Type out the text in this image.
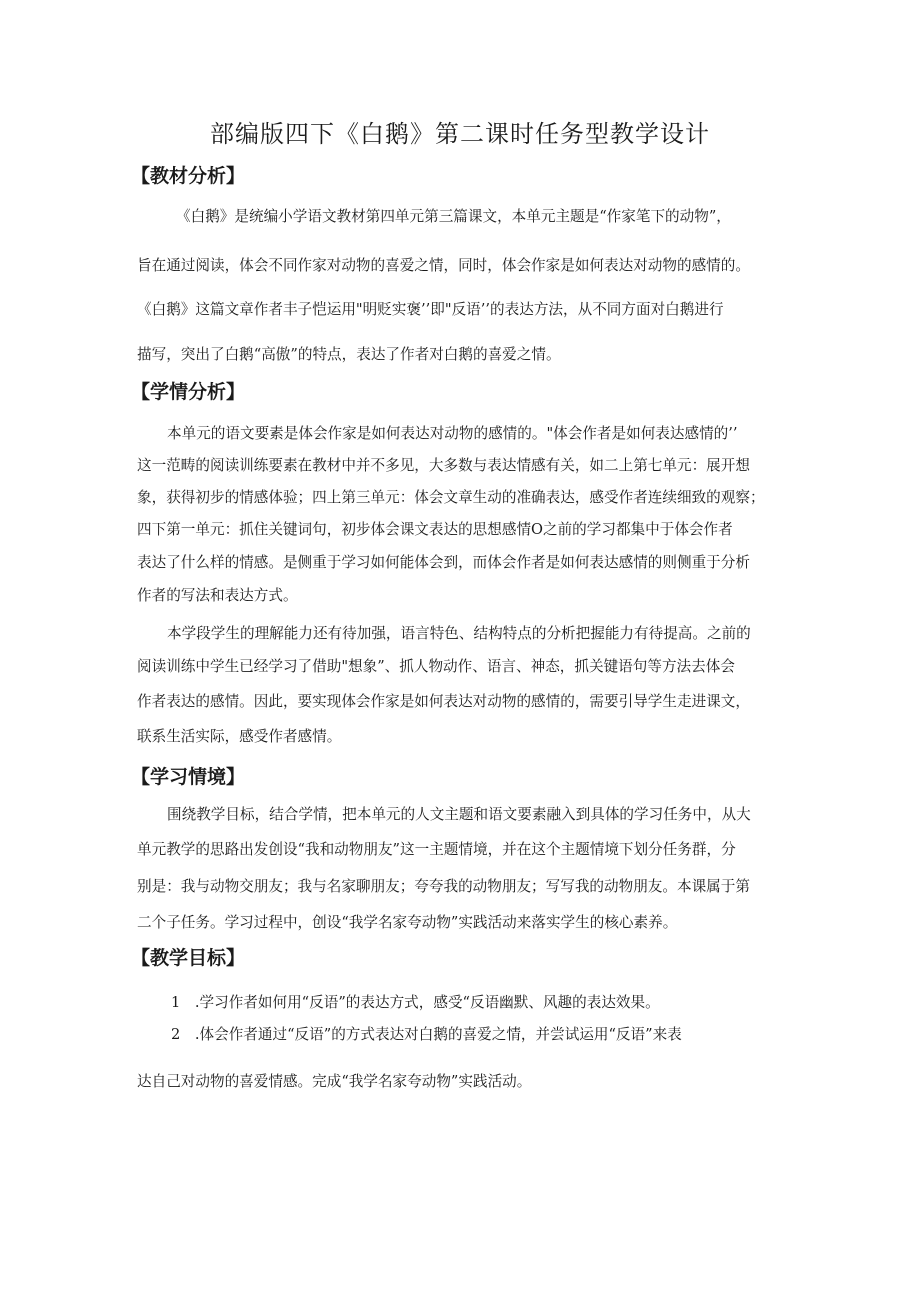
部编版四下《白鹅》第二课时任务型教学设计
【教材分析】
《白鹅》是统编小学语文教材第四单元第三篇课文，本单元主题是“作家笔下的动物”，
旨在通过阅读，体会不同作家对动物的喜爱之情，同时，体会作家是如何表达对动物的感情的。
《白鹅》这篇文章作者丰子恺运用"明贬实褒’’即"反语’’的表达方法，从不同方面对白鹅进行
描写，突出了白鹅“高傲”的特点，表达了作者对白鹅的喜爱之情。
【学情分析】
本单元的语文要素是体会作家是如何表达对动物的感情的。"体会作者是如何表达感情的’’
这一范畴的阅读训练要素在教材中并不多见，大多数与表达情感有关，如二上第七单元：展开想
象，获得初步的情感体验；四上第三单元：体会文章生动的准确表达，感受作者连续细致的观察；
四下第一单元：抓住关键词句，初步体会课文表达的思想感情O之前的学习都集中于体会作者
表达了什么样的情感。是侧重于学习如何能体会到，而体会作者是如何表达感情的则侧重于分析
作者的写法和表达方式。
本学段学生的理解能力还有待加强，语言特色、结构特点的分析把握能力有待提高。之前的
阅读训练中学生已经学习了借助"想象”、抓人物动作、语言、神态，抓关键语句等方法去体会
作者表达的感情。因此，要实现体会作家是如何表达对动物的感情的，需要引导学生走进课文，
联系生活实际，感受作者感情。
【学习情境】
围绕教学目标，结合学情，把本单元的人文主题和语文要素融入到具体的学习任务中，从大
单元教学的思路出发创设“我和动物朋友”这一主题情境，并在这个主题情境下划分任务群，分
别是：我与动物交朋友；我与名家聊朋友；夸夸我的动物朋友；写写我的动物朋友。本课属于第
二个子任务。学习过程中，创设“我学名家夸动物”实践活动来落实学生的核心素养。
【教学目标】
1　.学习作者如何用“反语”的表达方式，感受“反语幽默、风趣的表达效果。
2　.体会作者通过“反语”的方式表达对白鹅的喜爱之情，并尝试运用“反语”来表
达自己对动物的喜爱情感。完成“我学名家夸动物”实践活动。
